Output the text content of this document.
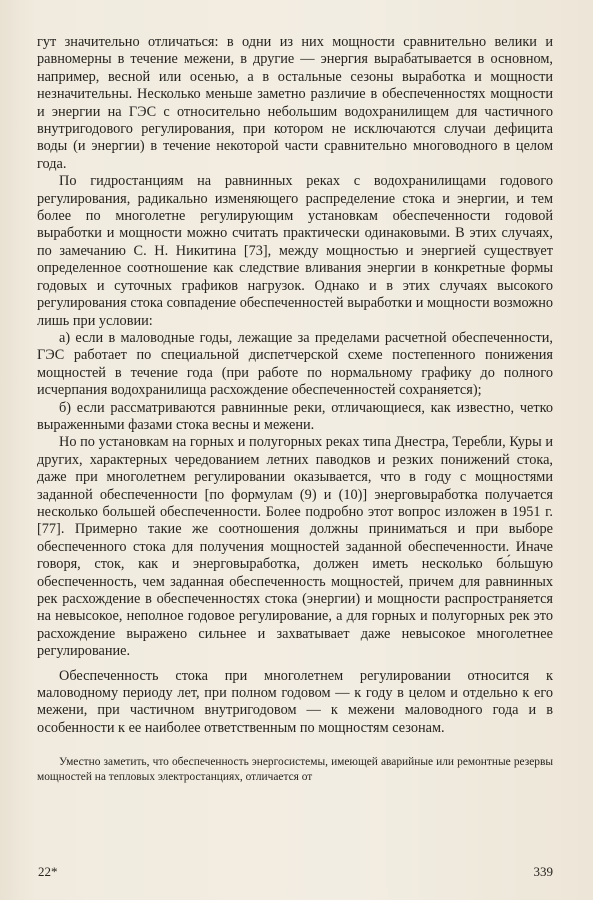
гут значительно отличаться: в одни из них мощности сравнительно велики и равномерны в течение межени, в другие — энергия вырабатывается в основном, например, весной или осенью, а в остальные сезоны выработка и мощности незначительны. Несколько меньше заметно различие в обеспеченностях мощности и энергии на ГЭС с относительно небольшим водохранилищем для частичного внутригодового регулирования, при котором не исключаются случаи дефицита воды (и энергии) в течение некоторой части сравнительно многоводного в целом года.

По гидростанциям на равнинных реках с водохранилищами годового регулирования, радикально изменяющего распределение стока и энергии, и тем более по многолетне регулирующим установкам обеспеченности годовой выработки и мощности можно считать практически одинаковыми. В этих случаях, по замечанию С. Н. Никитина [73], между мощностью и энергией существует определенное соотношение как следствие вливания энергии в конкретные формы годовых и суточных графиков нагрузок. Однако и в этих случаях высокого регулирования стока совпадение обеспеченностей выработки и мощности возможно лишь при условии:

а) если в маловодные годы, лежащие за пределами расчетной обеспеченности, ГЭС работает по специальной диспетчерской схеме постепенного понижения мощностей в течение года (при работе по нормальному графику до полного исчерпания водохранилища расхождение обеспеченностей сохраняется);

б) если рассматриваются равнинные реки, отличающиеся, как известно, четко выраженными фазами стока весны и межени.

Но по установкам на горных и полугорных реках типа Днестра, Теребли, Куры и других, характерных чередованием летних паводков и резких понижений стока, даже при многолетнем регулировании оказывается, что в году с мощностями заданной обеспеченности [по формулам (9) и (10)] энерговыработка получается несколько большей обеспеченности. Более подробно этот вопрос изложен в 1951 г. [77]. Примерно такие же соотношения должны приниматься и при выборе обеспеченного стока для получения мощностей заданной обеспеченности. Иначе говоря, сток, как и энерговыработка, должен иметь несколько бо́льшую обеспеченность, чем заданная обеспеченность мощностей, причем для равнинных рек расхождение в обеспеченностях стока (энергии) и мощности распространяется на невысокое, неполное годовое регулирование, а для горных и полугорных рек это расхождение выражено сильнее и захватывает даже невысокое многолетнее регулирование.

Обеспеченность стока при многолетнем регулировании относится к маловодному периоду лет, при полном годовом — к году в целом и отдельно к его межени, при частичном внутригодовом — к межени маловодного года и в особенности к ее наиболее ответственным по мощностям сезонам.

Уместно заметить, что обеспеченность энергосистемы, имеющей аварийные или ремонтные резервы мощностей на тепловых электростанциях, отличается от

22*	339
